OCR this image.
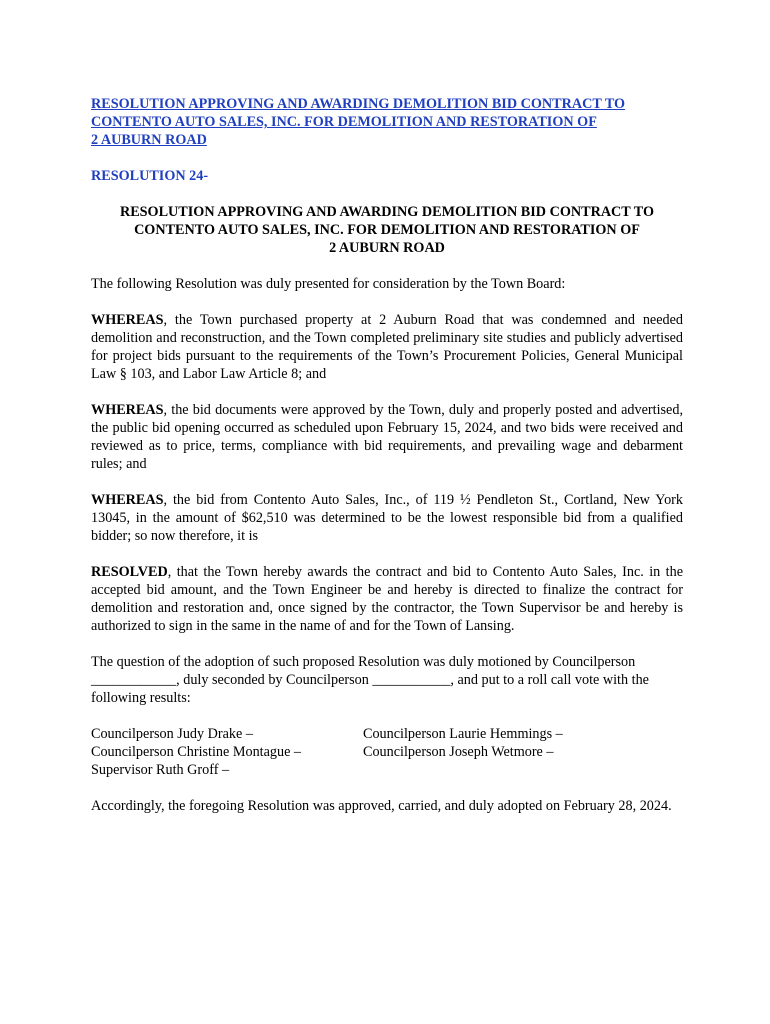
RESOLUTION APPROVING AND AWARDING DEMOLITION BID CONTRACT TO
CONTENTO AUTO SALES, INC. FOR DEMOLITION AND RESTORATION OF
2 AUBURN ROAD
RESOLUTION 24-
RESOLUTION APPROVING AND AWARDING DEMOLITION BID CONTRACT TO
CONTENTO AUTO SALES, INC. FOR DEMOLITION AND RESTORATION OF
2 AUBURN ROAD

The following Resolution was duly presented for consideration by the Town Board:

WHEREAS, the Town purchased property at 2 Auburn Road that was condemned and needed demolition and reconstruction, and the Town completed preliminary site studies and publicly advertised for project bids pursuant to the requirements of the Town’s Procurement Policies, General Municipal Law § 103, and Labor Law Article 8; and

WHEREAS, the bid documents were approved by the Town, duly and properly posted and advertised, the public bid opening occurred as scheduled upon February 15, 2024, and two bids were received and reviewed as to price, terms, compliance with bid requirements, and prevailing wage and debarment rules; and

WHEREAS, the bid from Contento Auto Sales, Inc., of 119 ½ Pendleton St., Cortland, New York 13045, in the amount of $62,510 was determined to be the lowest responsible bid from a qualified bidder; so now therefore, it is

RESOLVED, that the Town hereby awards the contract and bid to Contento Auto Sales, Inc. in the accepted bid amount, and the Town Engineer be and hereby is directed to finalize the contract for demolition and restoration and, once signed by the contractor, the Town Supervisor be and hereby is authorized to sign in the same in the name of and for the Town of Lansing.

The question of the adoption of such proposed Resolution was duly motioned by Councilperson ____________, duly seconded by Councilperson ___________, and put to a roll call vote with the following results:

Councilperson Judy Drake –
Councilperson Christine Montague –
Supervisor Ruth Groff –
Councilperson Laurie Hemmings –
Councilperson Joseph Wetmore –

Accordingly, the foregoing Resolution was approved, carried, and duly adopted on February 28, 2024.
